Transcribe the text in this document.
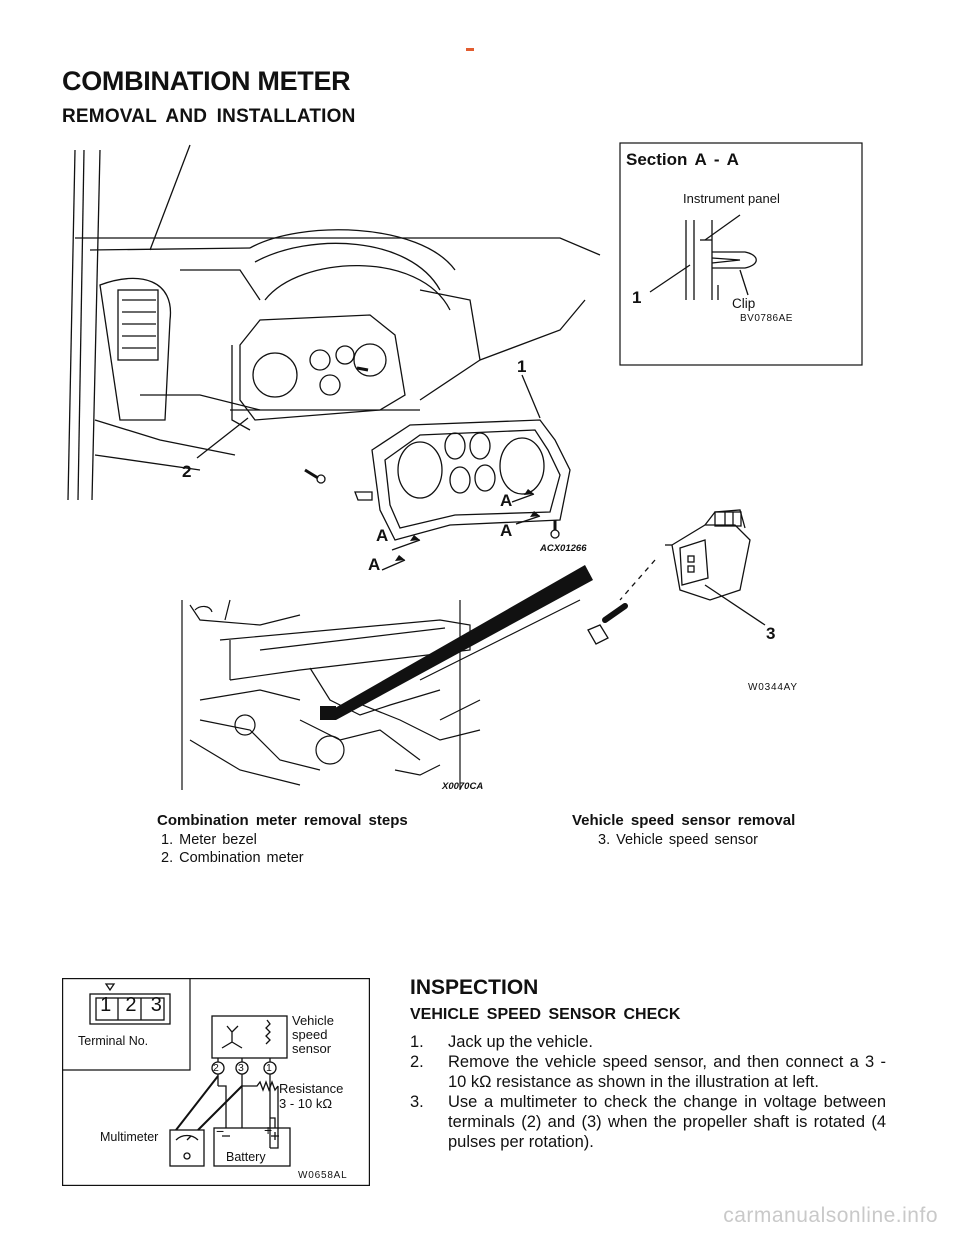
COMBINATION METER
REMOVAL AND INSTALLATION
Section A - A
Instrument panel
Clip
1
BV0786AE
1
2
A
A
A
A
ACX01266
3
W0344AY
X0070CA
Combination meter removal steps
1. Meter bezel
2. Combination meter
Vehicle speed sensor removal
3. Vehicle speed sensor
1 2 3
Terminal No.
Vehicle
speed
sensor
2 3 1
Resistance
3 - 10 kΩ
Multimeter
Battery
−	+
W0658AL
INSPECTION
VEHICLE SPEED SENSOR CHECK
1.	Jack up the vehicle.
2.	Remove the vehicle speed sensor, and then connect a 3 - 10 kΩ resistance as shown in the illustration at left.
3.	Use a multimeter to check the change in voltage between terminals (2) and (3) when the propeller shaft is rotated (4 pulses per rotation).
carmanualsonline.info
